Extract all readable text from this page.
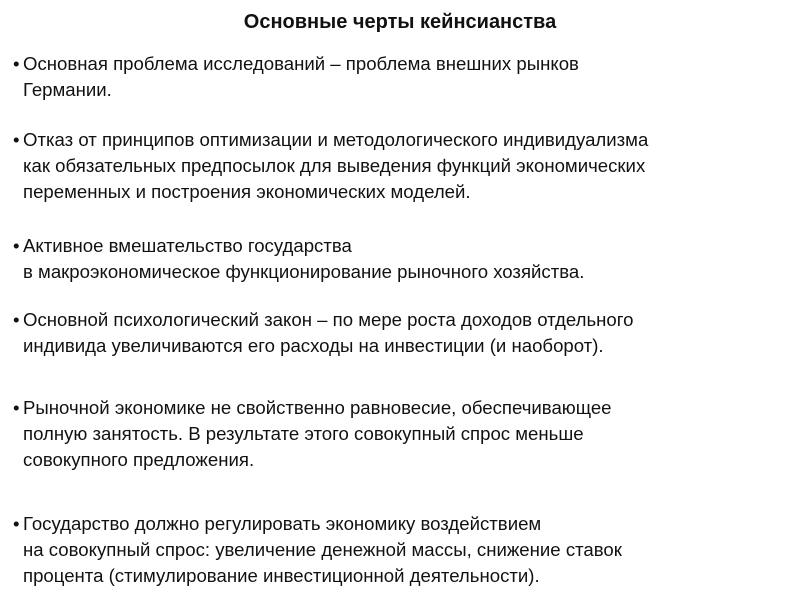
Основные черты кейнсианства
• Основная проблема исследований – проблема внешних рынков
Германии.
• Отказ от принципов оптимизации и методологического индивидуализма
как обязательных предпосылок для выведения функций экономических
переменных и построения экономических моделей.
• Активное вмешательство государства
в макроэкономическое функционирование рыночного хозяйства.
• Основной психологический закон – по мере роста доходов отдельного
индивида увеличиваются его расходы на инвестиции (и наоборот).
• Рыночной экономике не свойственно равновесие, обеспечивающее
полную занятость. В результате этого совокупный спрос меньше
совокупного предложения.
• Государство должно регулировать экономику воздействием
на совокупный спрос: увеличение денежной массы, снижение ставок
процента (стимулирование инвестиционной деятельности).
